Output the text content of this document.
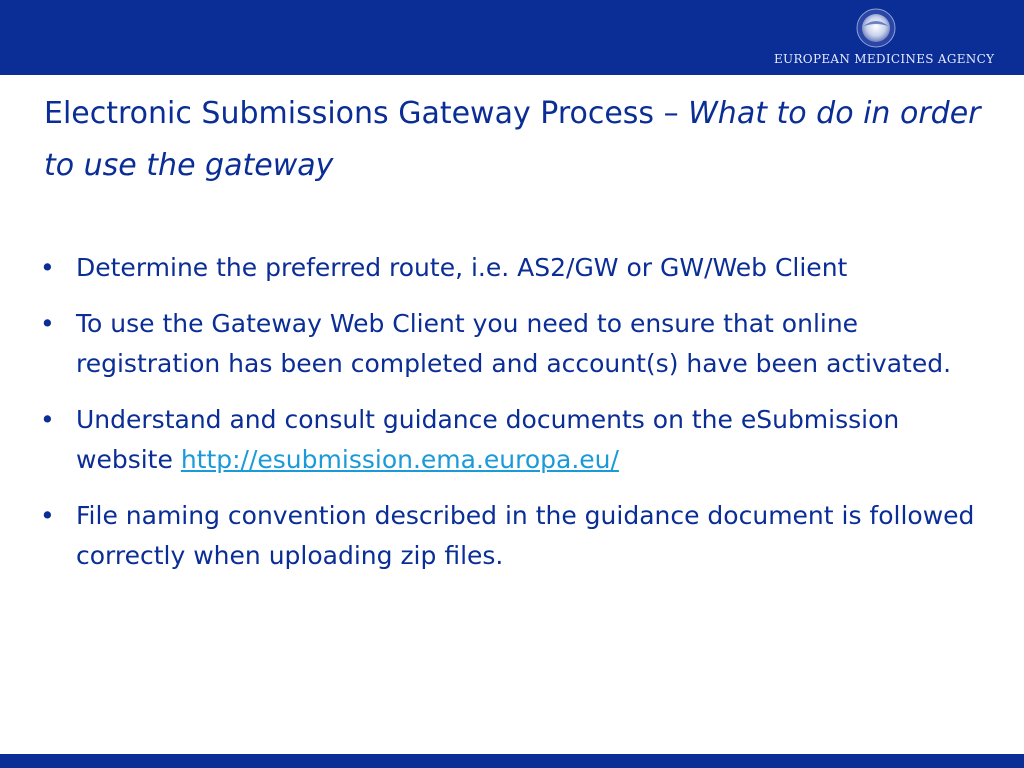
EUROPEAN MEDICINES AGENCY
Electronic Submissions Gateway Process – What to do in order to use the gateway
• Determine the preferred route, i.e. AS2/GW or GW/Web Client
• To use the Gateway Web Client you need to ensure that online registration has been completed and account(s) have been activated.
• Understand and consult guidance documents on the eSubmission website http://esubmission.ema.europa.eu/
• File naming convention described in the guidance document is followed correctly when uploading zip files.
